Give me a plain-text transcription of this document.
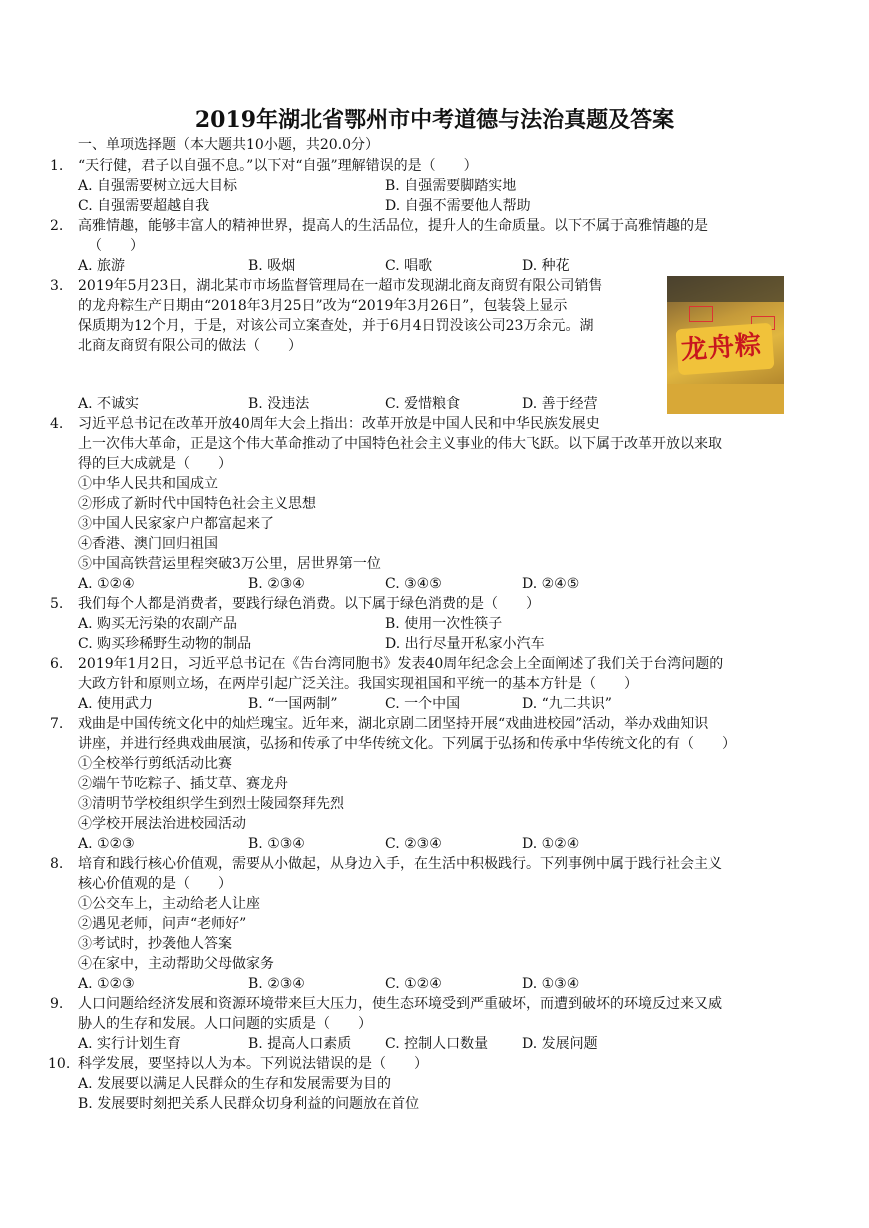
2019年湖北省鄂州市中考道德与法治真题及答案
一、单项选择题（本大题共10小题，共20.0分）
1. “天行健，君子以自强不息。”以下对“自强”理解错误的是（　　）
A. 自强需要树立远大目标	B. 自强需要脚踏实地
C. 自强需要超越自我	D. 自强不需要他人帮助
2. 高雅情趣，能够丰富人的精神世界，提高人的生活品位，提升人的生命质量。以下不属于高雅情趣的是
（　　）
A. 旅游	B. 吸烟	C. 唱歌	D. 种花
3. 2019年5月23日，湖北某市市场监督管理局在一超市发现湖北商友商贸有限公司销售
的龙舟粽生产日期由“2018年3月25日”改为“2019年3月26日”，包装袋上显示
保质期为12个月，于是，对该公司立案查处，并于6月4日罚没该公司23万余元。湖
北商友商贸有限公司的做法（　　）	龙舟粽
A. 不诚实	B. 没违法	C. 爱惜粮食	D. 善于经营
4. 习近平总书记在改革开放40周年大会上指出：改革开放是中国人民和中华民族发展史
上一次伟大革命，正是这个伟大革命推动了中国特色社会主义事业的伟大飞跃。以下属于改革开放以来取
得的巨大成就是（　　）
①中华人民共和国成立
②形成了新时代中国特色社会主义思想
③中国人民家家户户都富起来了
④香港、澳门回归祖国
⑤中国高铁营运里程突破3万公里，居世界第一位
A. ①②④	B. ②③④	C. ③④⑤	D. ②④⑤
5. 我们每个人都是消费者，要践行绿色消费。以下属于绿色消费的是（　　）
A. 购买无污染的农副产品	B. 使用一次性筷子
C. 购买珍稀野生动物的制品	D. 出行尽量开私家小汽车
6. 2019年1月2日，习近平总书记在《告台湾同胞书》发表40周年纪念会上全面阐述了我们关于台湾问题的
大政方针和原则立场，在两岸引起广泛关注。我国实现祖国和平统一的基本方针是（　　）
A. 使用武力	B. “一国两制”	C. 一个中国	D. “九二共识”
7. 戏曲是中国传统文化中的灿烂瑰宝。近年来，湖北京剧二团坚持开展“戏曲进校园”活动，举办戏曲知识
讲座，并进行经典戏曲展演，弘扬和传承了中华传统文化。下列属于弘扬和传承中华传统文化的有（　　）
①全校举行剪纸活动比赛
②端午节吃粽子、插艾草、赛龙舟
③清明节学校组织学生到烈士陵园祭拜先烈
④学校开展法治进校园活动
A. ①②③	B. ①③④	C. ②③④	D. ①②④
8. 培育和践行核心价值观，需要从小做起，从身边入手，在生活中积极践行。下列事例中属于践行社会主义
核心价值观的是（　　）
①公交车上，主动给老人让座
②遇见老师，问声“老师好”
③考试时，抄袭他人答案
④在家中，主动帮助父母做家务
A. ①②③	B. ②③④	C. ①②④	D. ①③④
9. 人口问题给经济发展和资源环境带来巨大压力，使生态环境受到严重破坏，而遭到破坏的环境反过来又威
胁人的生存和发展。人口问题的实质是（　　）
A. 实行计划生育	B. 提高人口素质 C. 控制人口数量 D. 发展问题
10. 科学发展，要坚持以人为本。下列说法错误的是（　　）
A. 发展要以满足人民群众的生存和发展需要为目的
B. 发展要时刻把关系人民群众切身利益的问题放在首位
